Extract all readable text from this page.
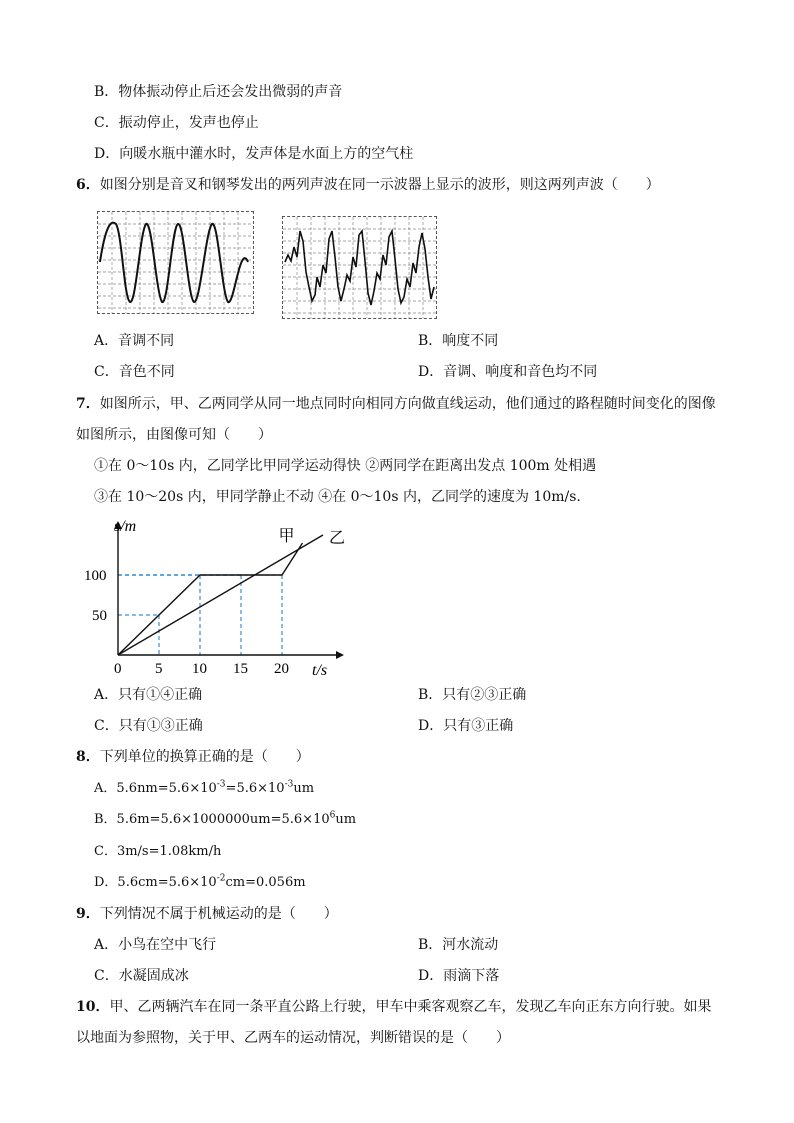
B．物体振动停止后还会发出微弱的声音
C．振动停止，发声也停止
D．向暖水瓶中灌水时，发声体是水面上方的空气柱
6．如图分别是音叉和钢琴发出的两列声波在同一示波器上显示的波形，则这两列声波（　　）
A．音调不同	B．响度不同
C．音色不同	D．音调、响度和音色均不同
7．如图所示，甲、乙两同学从同一地点同时向相同方向做直线运动，他们通过的路程随时间变化的图像
如图所示，由图像可知（　　）
①在 0～10s 内，乙同学比甲同学运动得快 ②两同学在距离出发点 100m 处相遇
③在 10～20s 内，甲同学静止不动 ④在 0～10s 内，乙同学的速度为 10m/s.
甲 乙
0 5 10 15 20
50
100
s/m
t/s
A．只有①④正确	B．只有②③正确
C．只有①③正确	D．只有③正确
8．下列单位的换算正确的是（　　）
A．$5.6nm=5.6\times 10^{-3}=5.6\times 10^{-3}um$
B．$5.6m=5.6\times 1000000um=5.6\times 10^6um$
C．3m/s=1.08km/h
D．$5.6cm=5.6\times 10^{-2}cm=0.056m$
9．下列情况不属于机械运动的是（　　）
A．小鸟在空中飞行	B．河水流动
C．水凝固成冰	D．雨滴下落
10．甲、乙两辆汽车在同一条平直公路上行驶，甲车中乘客观察乙车，发现乙车向正东方向行驶。如果
以地面为参照物，关于甲、乙两车的运动情况，判断错误的是（　　）
